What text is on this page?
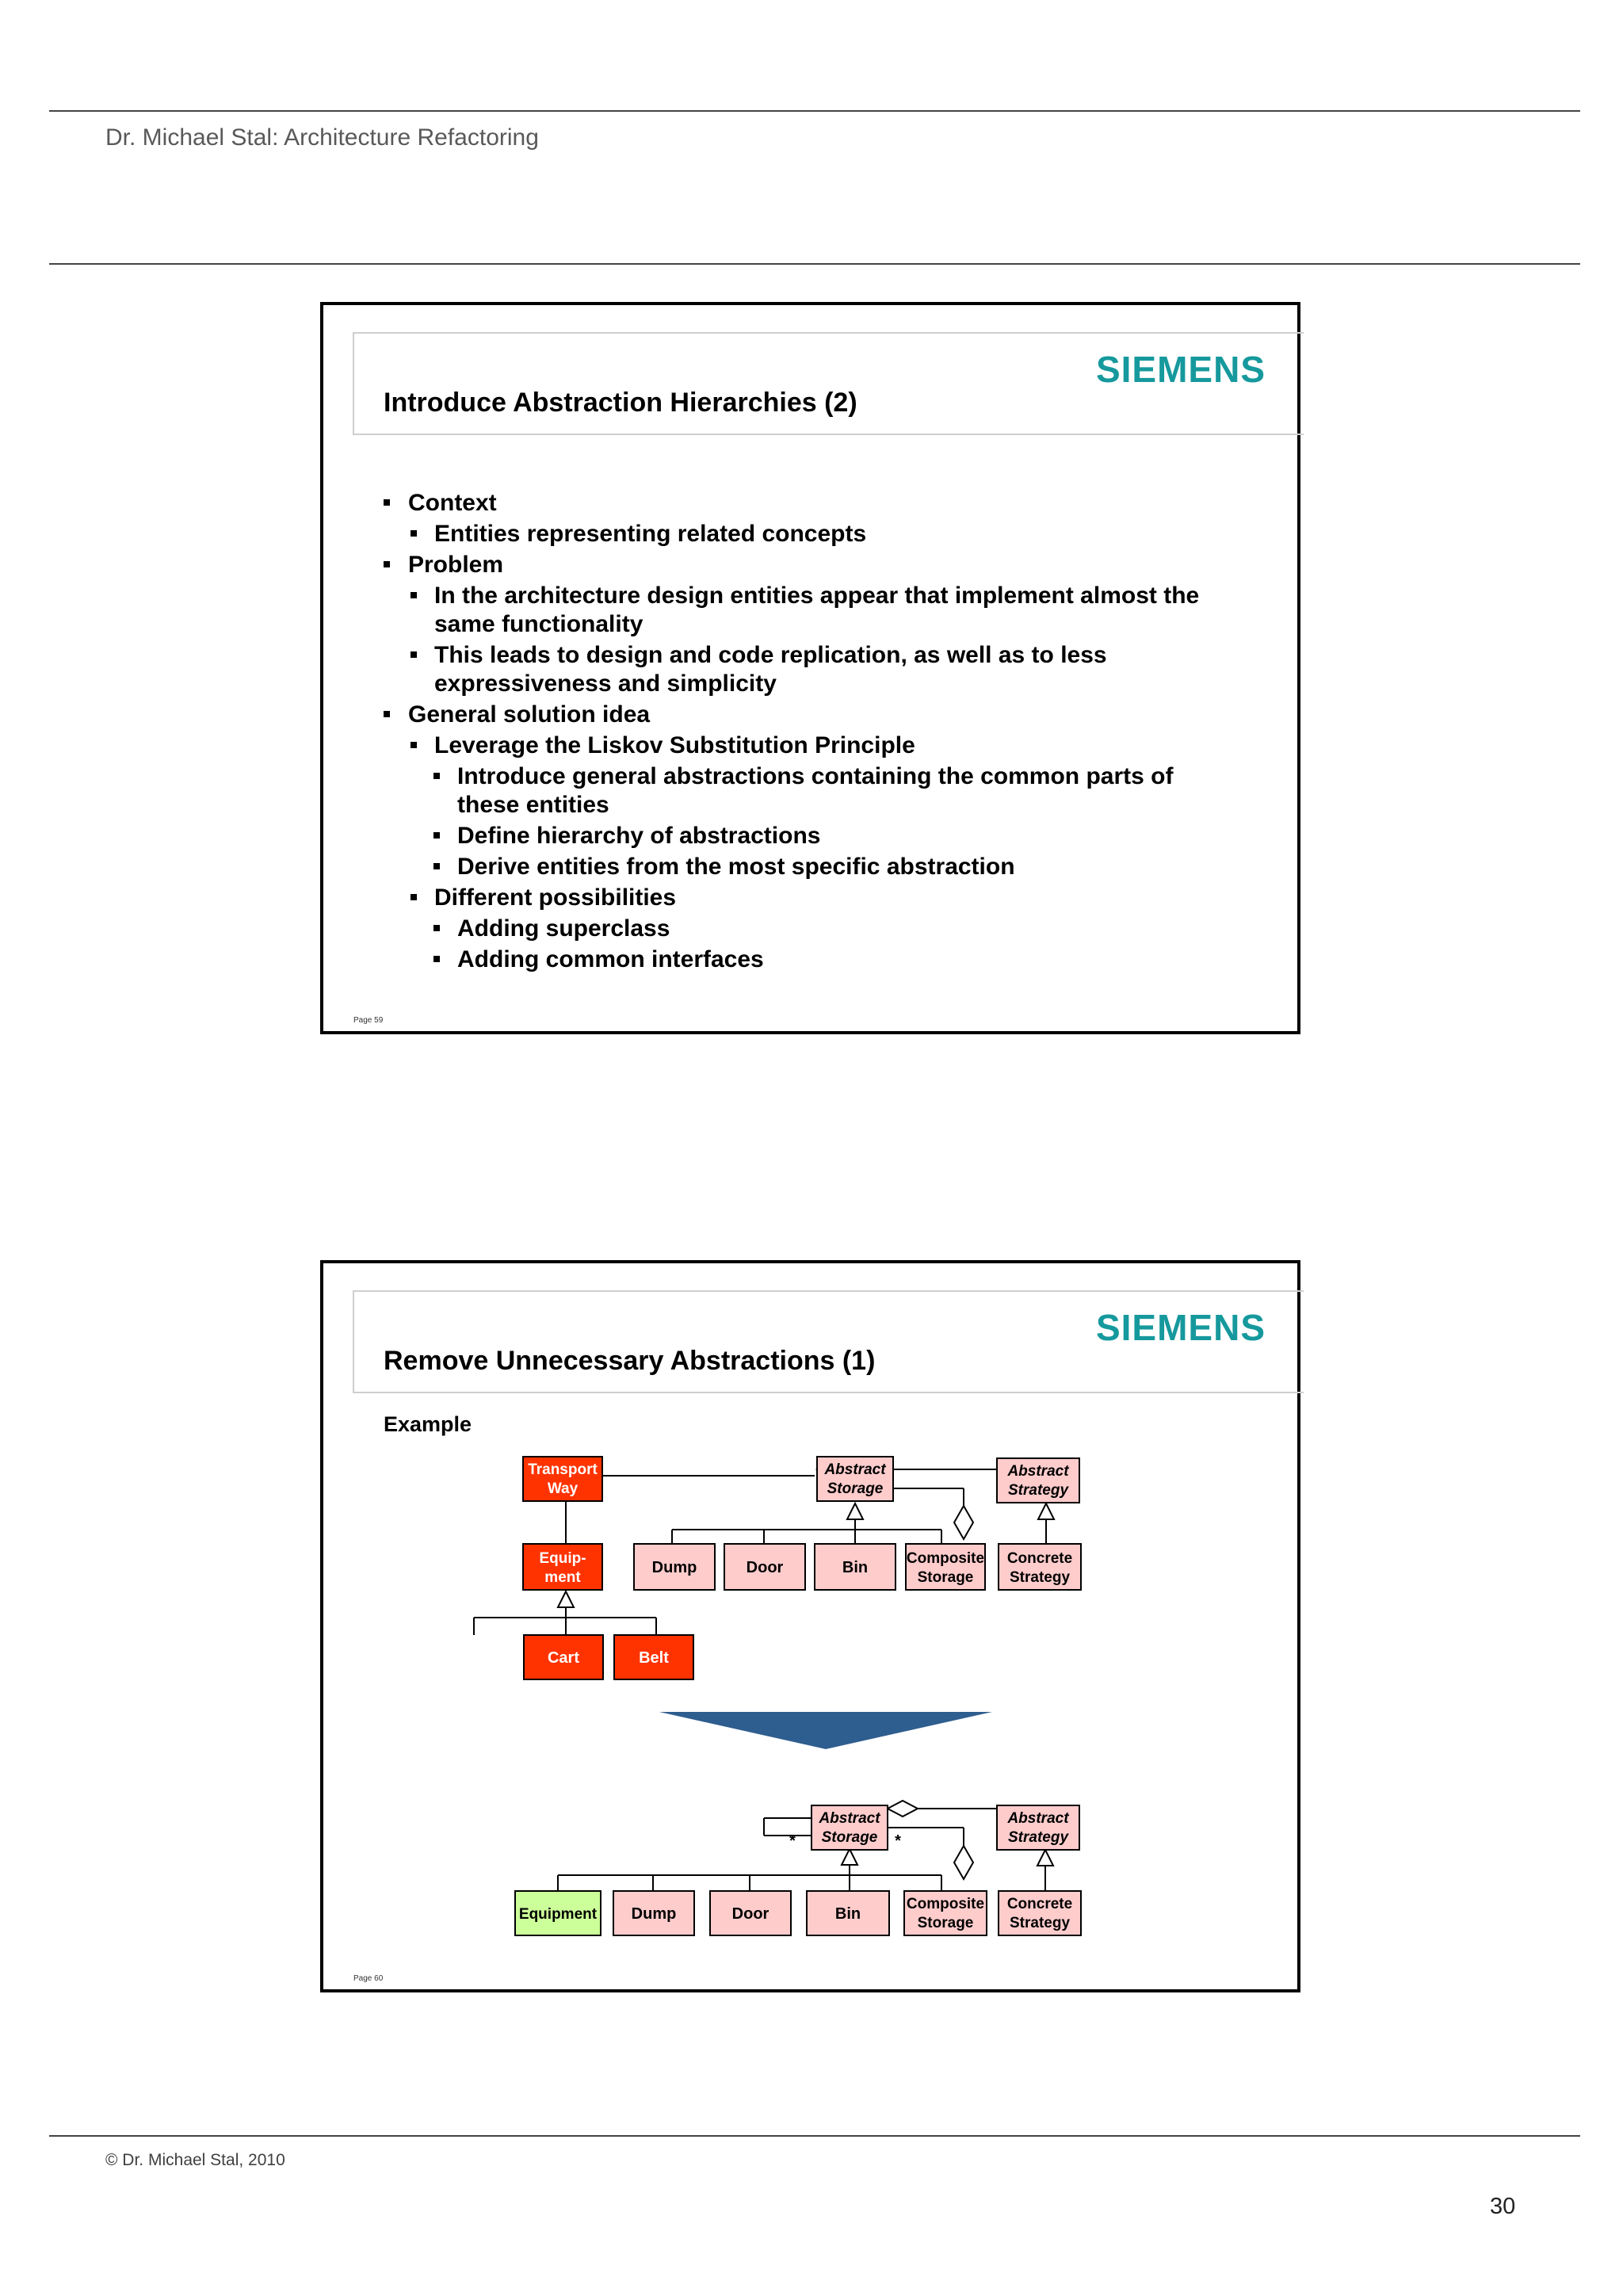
Dr. Michael Stal: Architecture Refactoring
SIEMENS
Introduce Abstraction Hierarchies (2)
Context
Entities representing related concepts
Problem
In the architecture design entities appear that implement almost the same functionality
This leads to design and code replication, as well as to less expressiveness and simplicity
General solution idea
Leverage the Liskov Substitution Principle
Introduce general abstractions containing the common parts of these entities
Define hierarchy of abstractions
Derive entities from the most specific abstraction
Different possibilities
Adding superclass
Adding common interfaces
Page 59
SIEMENS
Remove Unnecessary Abstractions (1)
Example
Transport
Way
Abstract
Storage
Abstract
Strategy
Equip-
ment
Dump	Door	Bin
Composite
Storage
Concrete
Strategy
Cart	Belt
*	*
Abstract
Storage
Abstract
Strategy
Equipment Dump	Door	Bin
Composite
Storage
Concrete
Strategy
Page 60
© Dr. Michael Stal, 2010
30
